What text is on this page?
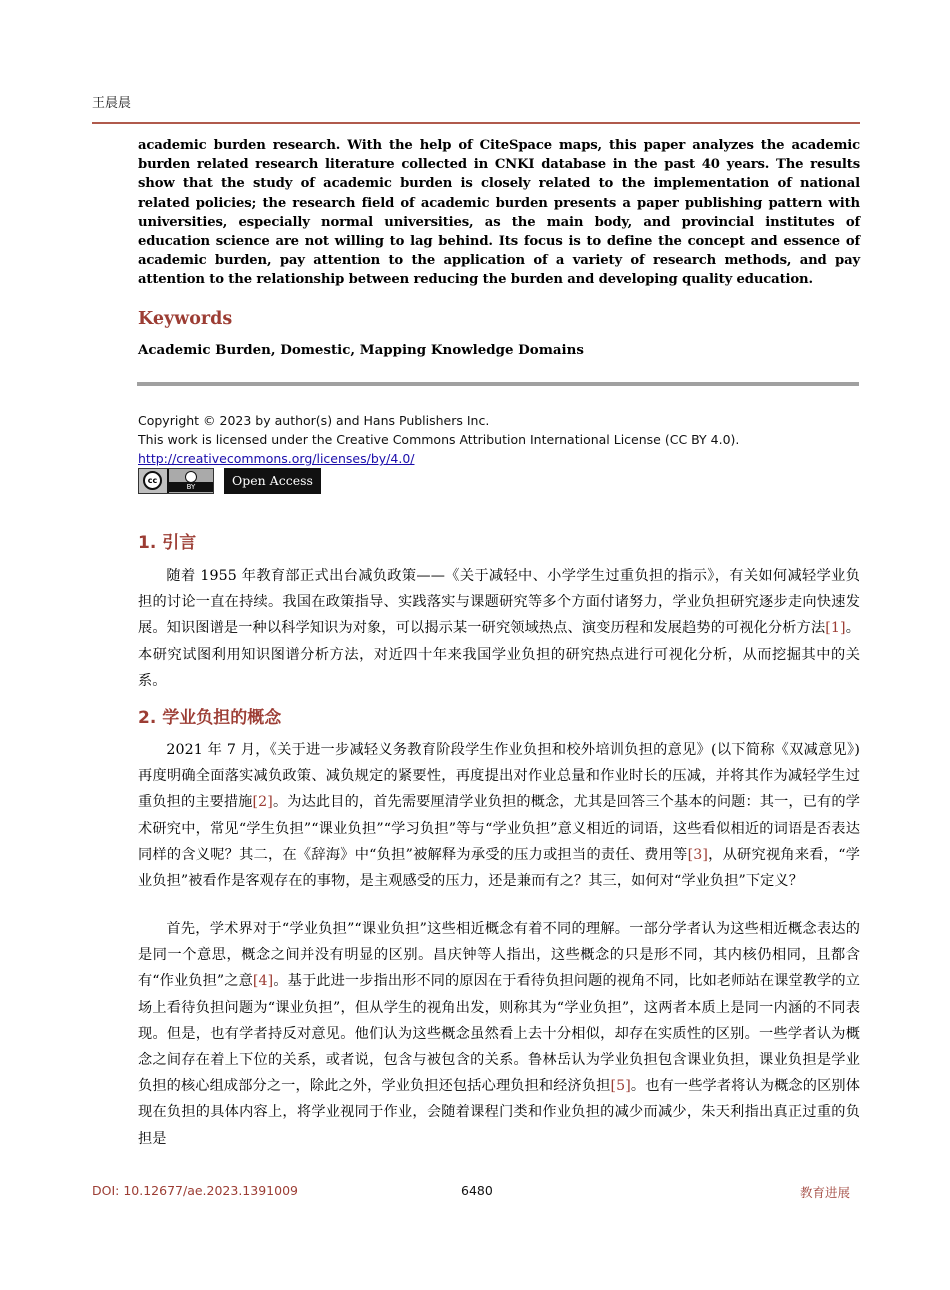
王晨晨
academic burden research. With the help of CiteSpace maps, this paper analyzes the academic burden related research literature collected in CNKI database in the past 40 years. The results show that the study of academic burden is closely related to the implementation of national related policies; the research field of academic burden presents a paper publishing pattern with universities, especially normal universities, as the main body, and provincial institutes of education science are not willing to lag behind. Its focus is to define the concept and essence of academic burden, pay attention to the application of a variety of research methods, and pay attention to the relationship between reducing the burden and developing quality education.
Keywords
Academic Burden, Domestic, Mapping Knowledge Domains
Copyright © 2023 by author(s) and Hans Publishers Inc.
This work is licensed under the Creative Commons Attribution International License (CC BY 4.0).
http://creativecommons.org/licenses/by/4.0/
cc
BY	Open Access
1. 引言

随着 1955 年教育部正式出台减负政策——《关于减轻中、小学学生过重负担的指示》，有关如何减轻学业负担的讨论一直在持续。我国在政策指导、实践落实与课题研究等多个方面付诸努力，学业负担研究逐步走向快速发展。知识图谱是一种以科学知识为对象，可以揭示某一研究领域热点、演变历程和发展趋势的可视化分析方法[1]。本研究试图利用知识图谱分析方法，对近四十年来我国学业负担的研究热点进行可视化分析，从而挖掘其中的关系。

2. 学业负担的概念

2021 年 7 月，《关于进一步减轻义务教育阶段学生作业负担和校外培训负担的意见》(以下简称《双减意见》)再度明确全面落实减负政策、减负规定的紧要性，再度提出对作业总量和作业时长的压减，并将其作为减轻学生过重负担的主要措施[2]。为达此目的，首先需要厘清学业负担的概念，尤其是回答三个基本的问题：其一，已有的学术研究中，常见“学生负担”“课业负担”“学习负担”等与“学业负担”意义相近的词语，这些看似相近的词语是否表达同样的含义呢？其二，在《辞海》中“负担”被解释为承受的压力或担当的责任、费用等[3]，从研究视角来看，“学业负担”被看作是客观存在的事物，是主观感受的压力，还是兼而有之？其三，如何对“学业负担”下定义？

首先，学术界对于“学业负担”“课业负担”这些相近概念有着不同的理解。一部分学者认为这些相近概念表达的是同一个意思，概念之间并没有明显的区别。昌庆钟等人指出，这些概念的只是形不同，其内核仍相同，且都含有“作业负担”之意[4]。基于此进一步指出形不同的原因在于看待负担问题的视角不同，比如老师站在课堂教学的立场上看待负担问题为“课业负担”，但从学生的视角出发，则称其为“学业负担”，这两者本质上是同一内涵的不同表现。但是，也有学者持反对意见。他们认为这些概念虽然看上去十分相似，却存在实质性的区别。一些学者认为概念之间存在着上下位的关系，或者说，包含与被包含的关系。鲁林岳认为学业负担包含课业负担，课业负担是学业负担的核心组成部分之一，除此之外，学业负担还包括心理负担和经济负担[5]。也有一些学者将认为概念的区别体现在负担的具体内容上，将学业视同于作业，会随着课程门类和作业负担的减少而减少，朱天利指出真正过重的负担是

DOI: 10.12677/ae.2023.1391009	6480	教育进展
